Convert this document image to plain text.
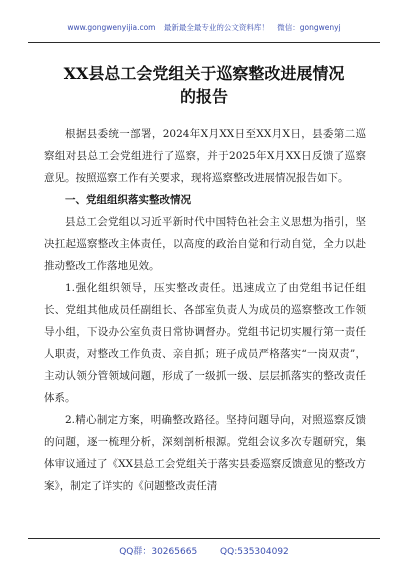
www.gongwenyijia.com 最新最全最专业的公文资料库！ 微信：gongwenyj
XX县总工会党组关于巡察整改进展情况
的报告

根据县委统一部署，2024年X月XX日至XX月X日，县委第二巡察组对县总工会党组进行了巡察，并于2025年X月XX日反馈了巡察意见。按照巡察工作有关要求，现将巡察整改进展情况报告如下。

一、党组组织落实整改情况

县总工会党组以习近平新时代中国特色社会主义思想为指引，坚决扛起巡察整改主体责任，以高度的政治自觉和行动自觉，全力以赴推动整改工作落地见效。

1.强化组织领导，压实整改责任。迅速成立了由党组书记任组长、党组其他成员任副组长、各部室负责人为成员的巡察整改工作领导小组，下设办公室负责日常协调督办。党组书记切实履行第一责任人职责，对整改工作负责、亲自抓；班子成员严格落实“一岗双责”，主动认领分管领域问题，形成了一级抓一级、层层抓落实的整改责任体系。

2.精心制定方案，明确整改路径。坚持问题导向，对照巡察反馈的问题，逐一梳理分析，深刻剖析根源。党组会议多次专题研究，集体审议通过了《XX县总工会党组关于落实县委巡察反馈意见的整改方案》，制定了详实的《问题整改责任清

QQ群：30265665	QQ:535304092
